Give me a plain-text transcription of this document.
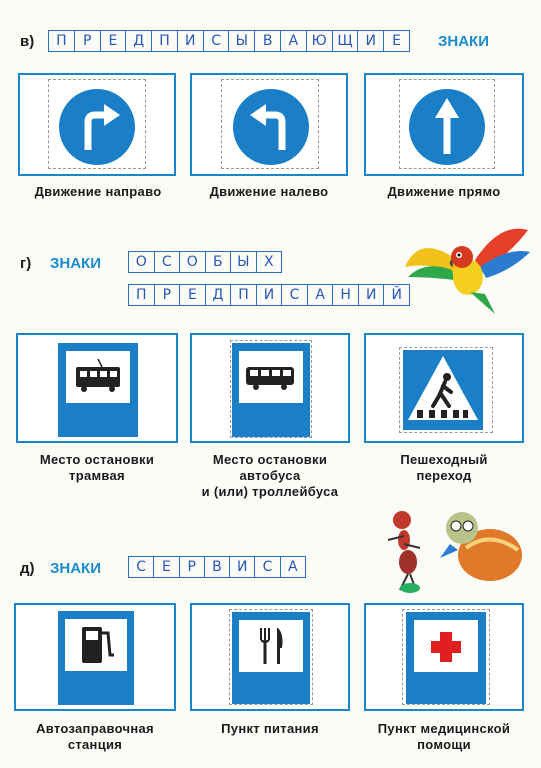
в)	П	Р	Е	Д	П	И	С	Ы	В	А Ю Щ И	Е	ЗНАКИ
Движение направо	Движение налево	Движение прямо
г) ЗНАКИ	О	С	О	Б	Ы	Х
П	Р	Е	Д	П	И	С	А	Н	И	Й
Место остановки
трамвая
Место остановки
автобуса
и (или) троллейбуса
Пешеходный
переход
д) ЗНАКИ	С	Е	Р	В	И	С	А
Автозаправочная
станция
Пункт питания	Пункт медицинской
помощи
